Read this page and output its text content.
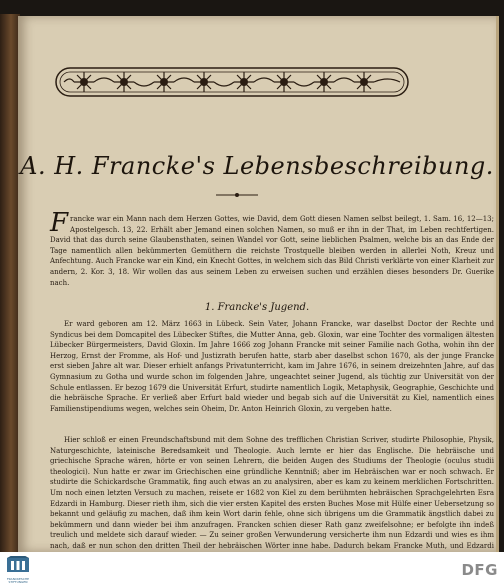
A. H. Francke's Lebensbeschreibung.
Francke war ein Mann nach dem Herzen Gottes, wie David, dem Gott diesen Namen selbst beilegt, 1. Sam. 16, 12—13; Apostelgesch. 13, 22. Erhält aber Jemand einen solchen Namen, so muß er ihn in der That, im Leben rechtfertigen. David that das durch seine Glaubensthaten, seinen Wandel vor Gott, seine lieblichen Psalmen, welche bis an das Ende der Tage namentlich allen bekümmerten Gemüthern die reichste Trostquelle bleiben werden in allerlei Noth, Kreuz und Anfechtung. Auch Francke war ein Kind, ein Knecht Gottes, in welchem sich das Bild Christi verklärte von einer Klarheit zur andern, 2. Kor. 3, 18. Wir wollen das aus seinem Leben zu erweisen suchen und erzählen dieses besonders Dr. Guerike nach.
1. Francke's Jugend.
Er ward geboren am 12. März 1663 in Lübeck. Sein Vater, Johann Francke, war daselbst Doctor der Rechte und Syndicus bei dem Domcapitel des Lübecker Stiftes, die Mutter Anna, geb. Gloxin, war eine Tochter des vormaligen ältesten Lübecker Bürgermeisters, David Gloxin. Im Jahre 1666 zog Johann Francke mit seiner Familie nach Gotha, wohin ihn der Herzog, Ernst der Fromme, als Hof- und Justizrath berufen hatte, starb aber daselbst schon 1670, als der junge Francke erst sieben Jahre alt war. Dieser erhielt anfangs Privatunterricht, kam im Jahre 1676, in seinem dreizehnten Jahre, auf das Gymnasium zu Gotha und wurde schon im folgenden Jahre, ungeachtet seiner Jugend, als tüchtig zur Universität von der Schule entlassen. Er bezog 1679 die Universität Erfurt, studirte namentlich Logik, Metaphysik, Geographie, Geschichte und die hebräische Sprache. Er verließ aber Erfurt bald wieder und begab sich auf die Universität zu Kiel, namentlich eines Familienstipendiums wegen, welches sein Oheim, Dr. Anton Heinrich Gloxin, zu vergeben hatte.
Hier schloß er einen Freundschaftsbund mit dem Sohne des trefflichen Christian Scriver, studirte Philosophie, Physik, Naturgeschichte, lateinische Beredsamkeit und Theologie. Auch lernte er hier das Englische. Die hebräische und griechische Sprache wären, hörte er von seinen Lehrern, die beiden Augen des Studiums der Theologie (oculus studii theologici). Nun hatte er zwar im Griechischen eine gründliche Kenntniß; aber im Hebräischen war er noch schwach. Er studirte die Schickardsche Grammatik, fing auch etwas an zu analysiren, aber es kam zu keinem merklichen Fortschritten. Um noch einen letzten Versuch zu machen, reisete er 1682 von Kiel zu dem berühmten hebräischen Sprachgelehrten Esra Edzardi in Hamburg. Dieser rieth ihm, sich die vier ersten Kapitel des ersten Buches Mose mit Hülfe einer Uebersetzung so bekannt und geläufig zu machen, daß ihm kein Wort darin fehle, ohne sich übrigens um die Grammatik ängstlich dabei zu bekümmern und dann wieder bei ihm anzufragen. Francken schien dieser Rath ganz zweifelsohne; er befolgte ihn indeß treulich und meldete sich darauf wieder. — Zu seiner großen Verwunderung versicherte ihm nun Edzardi und wies es ihm nach, daß er nun schon den dritten Theil der hebräischen Wörter inne habe. Dadurch bekam Francke Muth, und Edzardi
FRANCKESCHE STIFTUNGEN
DFG
